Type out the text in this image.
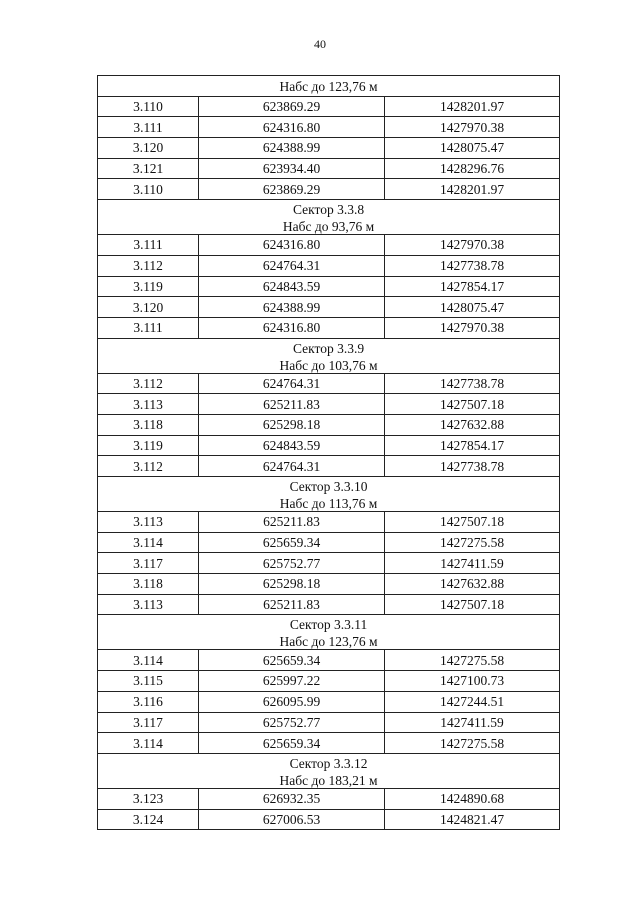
40
Набс до 123,76 м		

3.110	623869.29	1428201.97
3.111	624316.80	1427970.38
3.120	624388.99	1428075.47
3.121	623934.40	1428296.76
3.110	623869.29	1428201.97

Сектор 3.3.8
Набс до 93,76 м		

3.111	624316.80	1427970.38
3.112	624764.31	1427738.78
3.119	624843.59	1427854.17
3.120	624388.99	1428075.47
3.111	624316.80	1427970.38

Сектор 3.3.9
Набс до 103,76 м		

3.112	624764.31	1427738.78
3.113	625211.83	1427507.18
3.118	625298.18	1427632.88
3.119	624843.59	1427854.17
3.112	624764.31	1427738.78

Сектор 3.3.10
Набс до 113,76 м		

3.113	625211.83	1427507.18
3.114	625659.34	1427275.58
3.117	625752.77	1427411.59
3.118	625298.18	1427632.88
3.113	625211.83	1427507.18

Сектор 3.3.11
Набс до 123,76 м		

3.114	625659.34	1427275.58
3.115	625997.22	1427100.73
3.116	626095.99	1427244.51
3.117	625752.77	1427411.59
3.114	625659.34	1427275.58

Сектор 3.3.12
Набс до 183,21 м		

3.123	626932.35	1424890.68
3.124	627006.53	1424821.47
